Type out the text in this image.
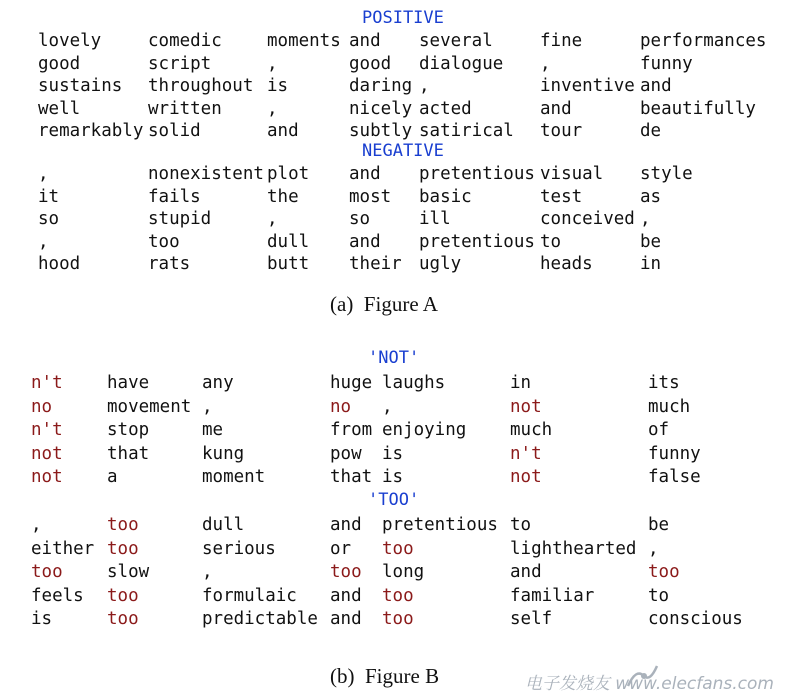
POSITIVE
lovely	comedic	moments	and	several	fine	performances
good	script	,	good	dialogue	,	funny
sustains	throughout	is	daring	,	inventive	and
well	written	,	nicely	acted	and	beautifully
remarkably	solid	and	subtly	satirical	tour	de
NEGATIVE
,	nonexistent	plot	and	pretentious	visual	style
it	fails	the	most	basic	test	as
so	stupid	,	so	ill	conceived	,
,	too	dull	and	pretentious	to	be
hood	rats	butt	their	ugly	heads	in
(a)  Figure A
'NOT'
n't	have	any	huge	laughs	in	its
no	movement	,	no	,	not	much
n't	stop	me	from	enjoying	much	of
not	that	kung	pow	is	n't	funny
not	a	moment	that	is	not	false
'TOO'
,	too	dull	and	pretentious	to	be
either	too	serious	or	too	lighthearted	,
too	slow	,	too	long	and	too
feels	too	formulaic	and	too	familiar	to
is	too	predictable	and	too	self	conscious
(b)  Figure B	电子发烧友 www.elecfans.com
